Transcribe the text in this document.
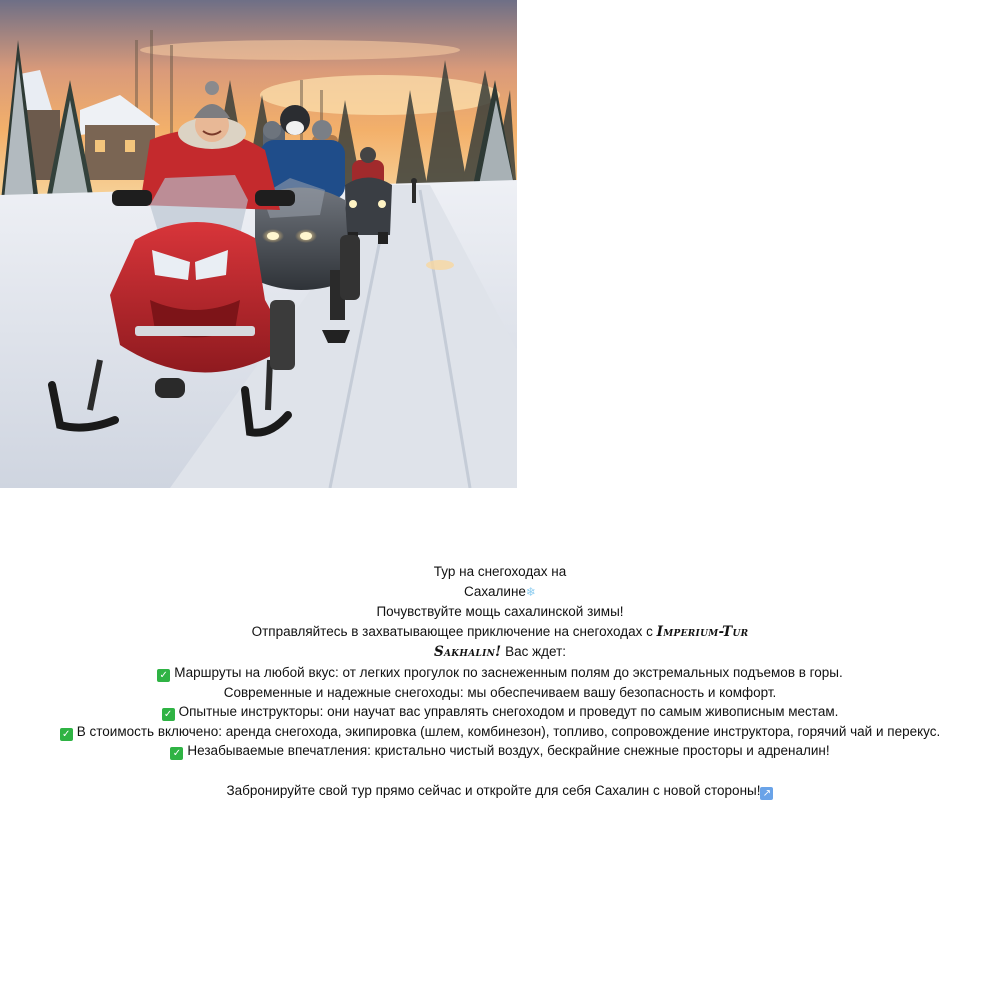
Тур на снегоходах на
Сахалине❄
Почувствуйте мощь сахалинской зимы!
Отправляйтесь в захватывающее приключение на снегоходах с Imperium-Tur
Sakhalin! Вас ждет:
✓ Маршруты на любой вкус: от легких прогулок по заснеженным полям до экстремальных подъемов в горы.
Современные и надежные снегоходы: мы обеспечиваем вашу безопасность и комфорт.
✓ Опытные инструкторы: они научат вас управлять снегоходом и проведут по самым живописным местам.
✓ В стоимость включено: аренда снегохода, экипировка (шлем, комбинезон), топливо, сопровождение инструктора, горячий чай и перекус.
✓ Незабываемые впечатления: кристально чистый воздух, бескрайние снежные просторы и адреналин!
Забронируйте свой тур прямо сейчас и откройте для себя Сахалин с новой стороны! ↗
